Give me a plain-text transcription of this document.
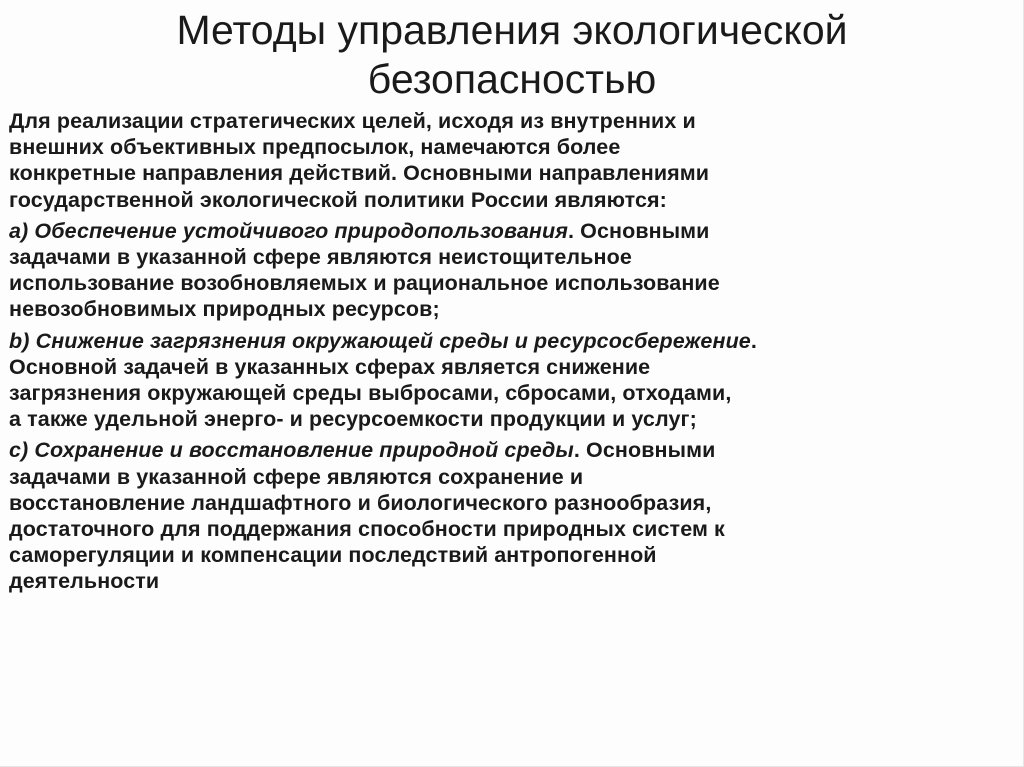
Методы управления экологической
безопасностью
Для реализации стратегических целей, исходя из внутренних и
внешних объективных предпосылок, намечаются более
конкретные направления действий. Основными направлениями
государственной экологической политики России являются:
a) Обеспечение устойчивого природопользования. Основными
задачами в указанной сфере являются неистощительное
использование возобновляемых и рациональное использование
невозобновимых природных ресурсов;
b) Снижение загрязнения окружающей среды и ресурсосбережение.
Основной задачей в указанных сферах является снижение
загрязнения окружающей среды выбросами, сбросами, отходами,
а также удельной энерго- и ресурсоемкости продукции и услуг;
c) Сохранение и восстановление природной среды. Основными
задачами в указанной сфере являются сохранение и
восстановление ландшафтного и биологического разнообразия,
достаточного для поддержания способности природных систем к
саморегуляции и компенсации последствий антропогенной
деятельности
